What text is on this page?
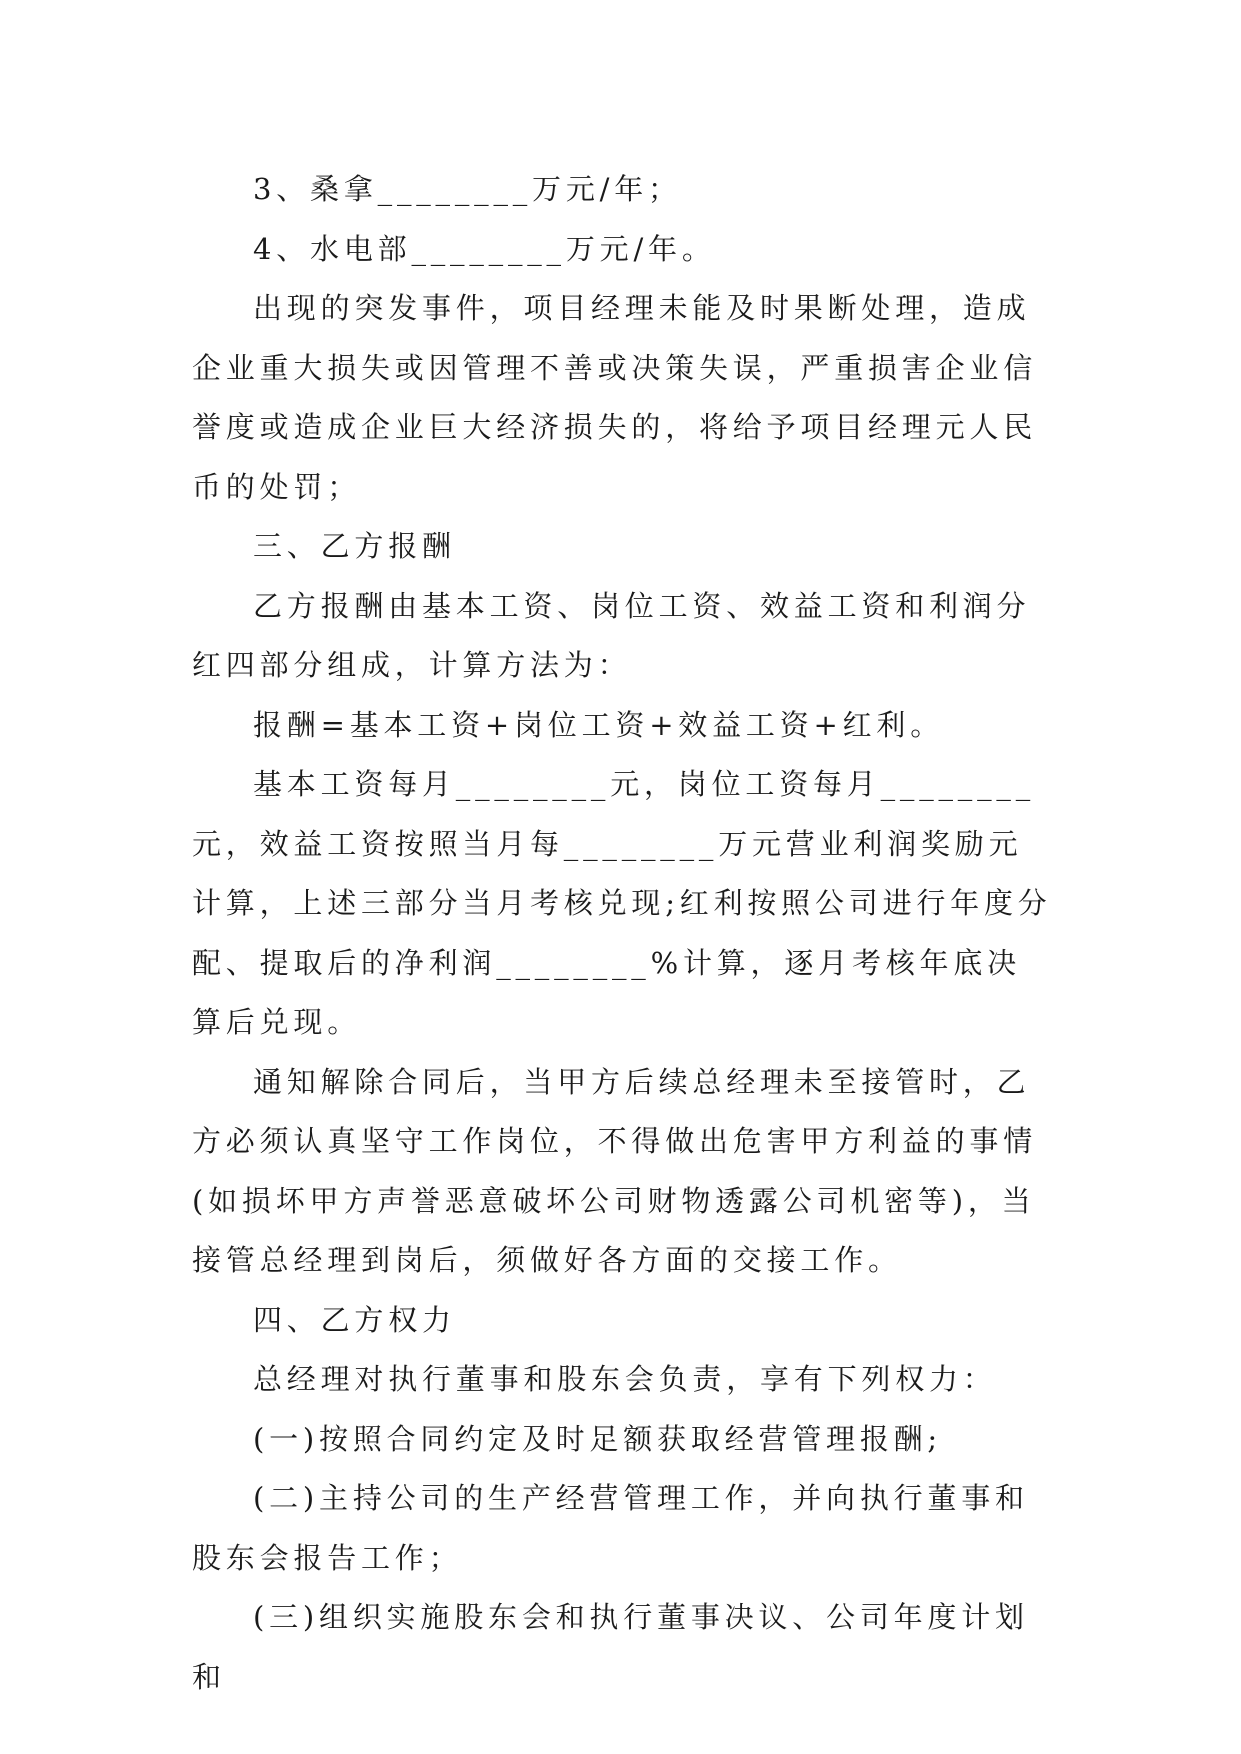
3、桑拿________万元/年；

4、水电部________万元/年。

出现的突发事件，项目经理未能及时果断处理，造成企业重大损失或因管理不善或决策失误，严重损害企业信誉度或造成企业巨大经济损失的，将给予项目经理元人民币的处罚；

三、乙方报酬

乙方报酬由基本工资、岗位工资、效益工资和利润分红四部分组成，计算方法为：

报酬=基本工资+岗位工资+效益工资+红利。

基本工资每月________元，岗位工资每月________元，效益工资按照当月每________万元营业利润奖励元计算，上述三部分当月考核兑现;红利按照公司进行年度分配、提取后的净利润________%计算，逐月考核年底决算后兑现。

通知解除合同后，当甲方后续总经理未至接管时，乙方必须认真坚守工作岗位，不得做出危害甲方利益的事情(如损坏甲方声誉恶意破坏公司财物透露公司机密等)，当接管总经理到岗后，须做好各方面的交接工作。

四、乙方权力

总经理对执行董事和股东会负责，享有下列权力：

(一)按照合同约定及时足额获取经营管理报酬;

(二)主持公司的生产经营管理工作，并向执行董事和股东会报告工作；

(三)组织实施股东会和执行董事决议、公司年度计划和
